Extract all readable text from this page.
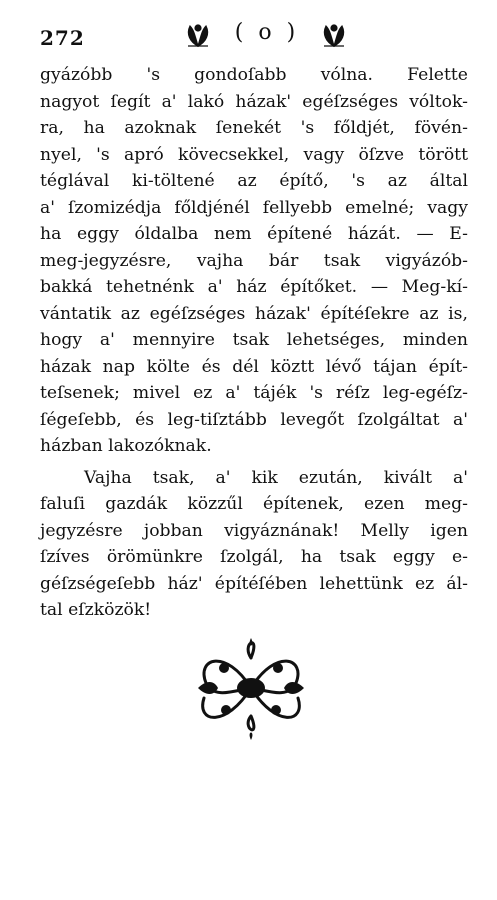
272	( o )
gyázóbb 's gondoſabb vólna. Felette
nagyot ſegít a' lakó házak' egéſzséges vóltok-
ra, ha azoknak ſenekét 's főldjét, fövén-
nyel, 's apró kövecsekkel, vagy öſzve törött
téglával ki-töltené az építő, 's az által
a' ſzomizédja főldjénél fellyebb emelné; vagy
ha eggy óldalba nem építené házát. — E-
meg-jegyzésre, vajha bár tsak vigyázób-
bakká tehetnénk a' ház építőket. — Meg-kí-
vántatik az egéſzséges házak' építéſekre az is,
hogy a' mennyire tsak lehetséges, minden
házak nap költe és dél köztt lévő tájan épít-
teſsenek; mivel ez a' tájék 's réſz leg-egéſz-
ſégeſebb, és leg-tiſztább levegőt ſzolgáltat a'
házban lakozóknak.
Vajha tsak, a' kik ezután, kivált a'
faluſi gazdák közzűl építenek, ezen meg-
jegyzésre jobban vigyáznának! Melly igen
ſzíves örömünkre ſzolgál, ha tsak eggy e-
géſzségeſebb ház' építéſében lehettünk ez ál-
tal eſzközök!
